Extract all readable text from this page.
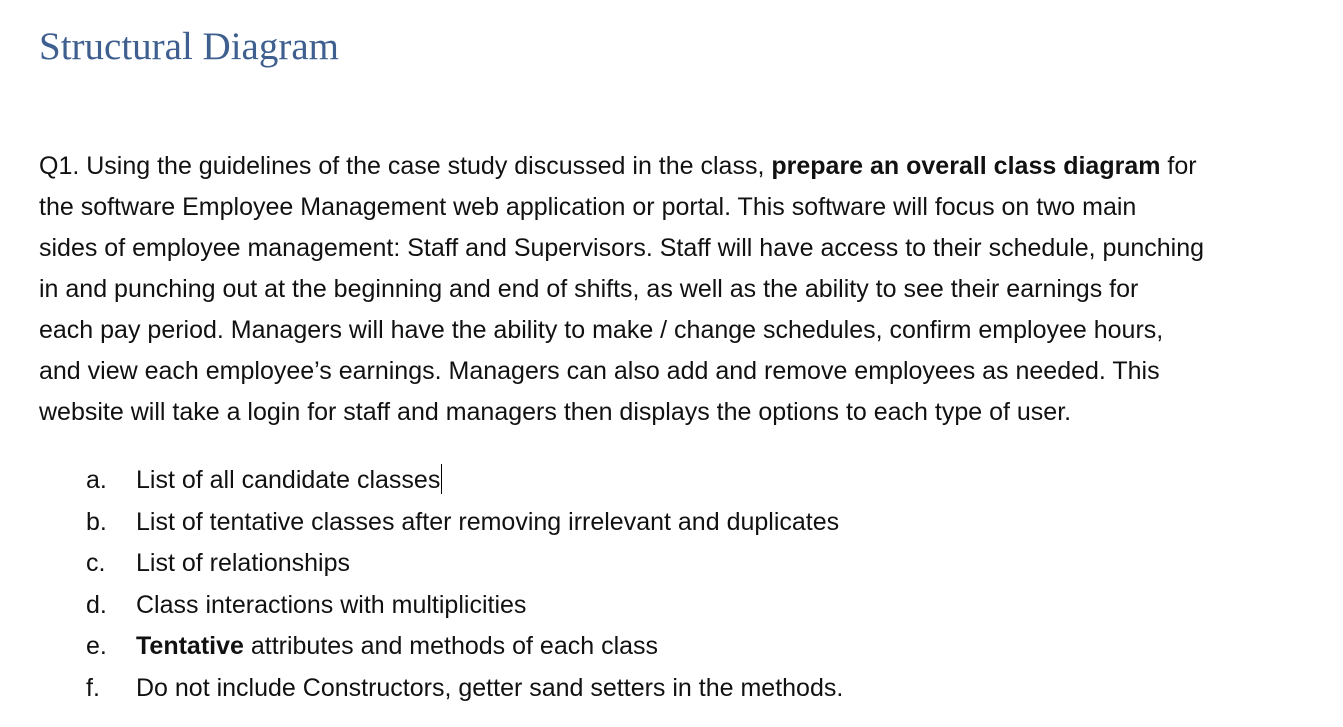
Structural Diagram

Q1. Using the guidelines of the case study discussed in the class, prepare an overall class diagram for
the software Employee Management web application or portal. This software will focus on two main
sides of employee management: Staff and Supervisors. Staff will have access to their schedule, punching
in and punching out at the beginning and end of shifts, as well as the ability to see their earnings for
each pay period. Managers will have the ability to make / change schedules, confirm employee hours,
and view each employee’s earnings. Managers can also add and remove employees as needed. This
website will take a login for staff and managers then displays the options to each type of user.

a.	List of all candidate classes
b.	List of tentative classes after removing irrelevant and duplicates
c.	List of relationships
d.	Class interactions with multiplicities
e.	Tentative attributes and methods of each class
f.	Do not include Constructors, getter sand setters in the methods.
